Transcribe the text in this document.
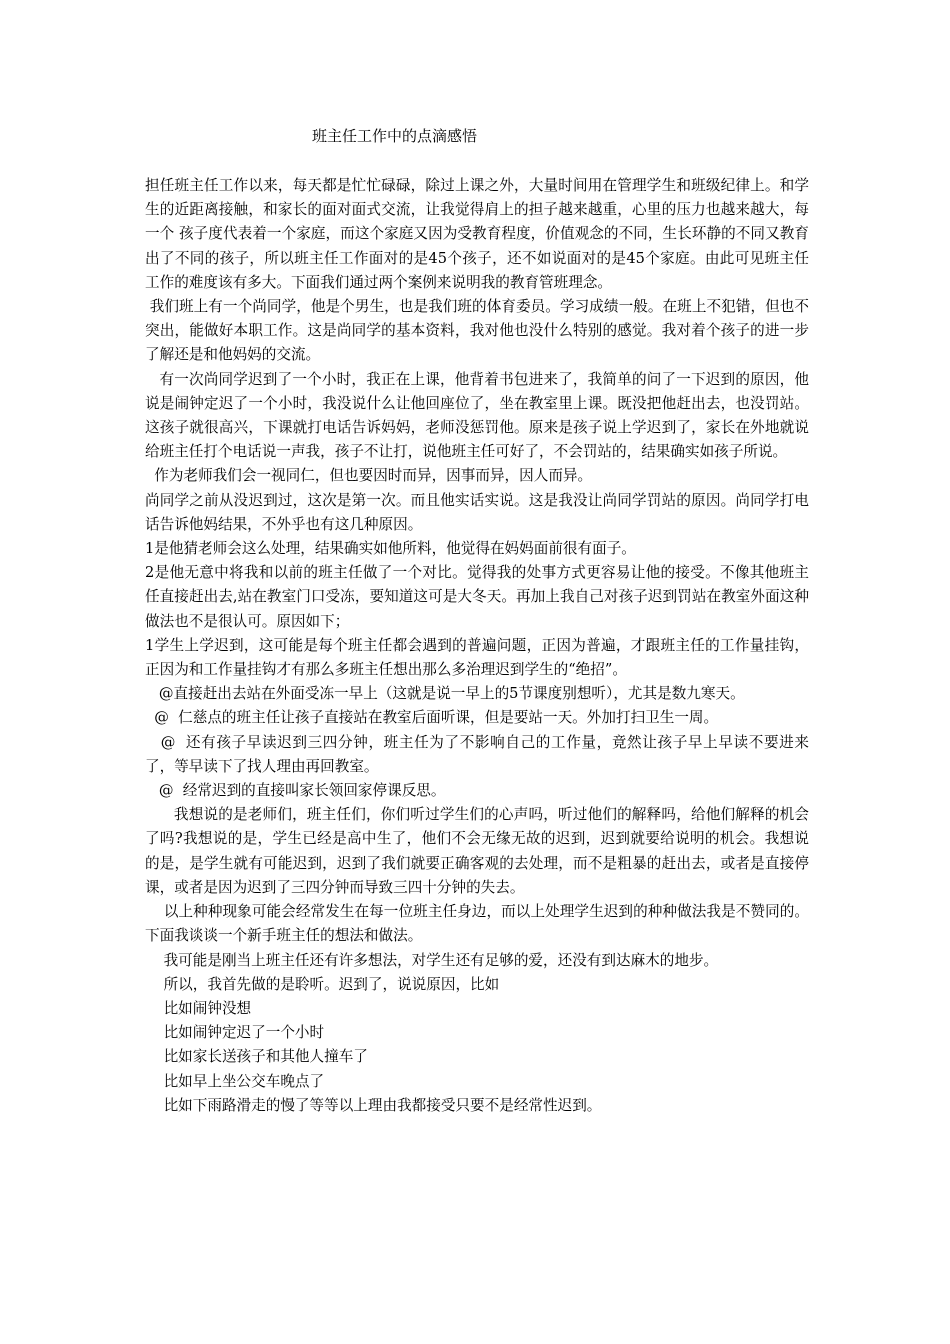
班主任工作中的点滴感悟

担任班主任工作以来，每天都是忙忙碌碌，除过上课之外，大量时间用在管理学生和班级纪律上。和学生的近距离接触，和家长的面对面式交流，让我觉得肩上的担子越来越重，心里的压力也越来越大，每一个 孩子度代表着一个家庭，而这个家庭又因为受教育程度，价值观念的不同，生长环静的不同又教育出了不同的孩子，所以班主任工作面对的是45个孩子，还不如说面对的是45个家庭。由此可见班主任工作的难度该有多大。下面我们通过两个案例来说明我的教育管班理念。

我们班上有一个尚同学，他是个男生，也是我们班的体育委员。学习成绩一般。在班上不犯错，但也不突出，能做好本职工作。这是尚同学的基本资料，我对他也没什么特别的感觉。我对着个孩子的进一步了解还是和他妈妈的交流。

有一次尚同学迟到了一个小时，我正在上课，他背着书包进来了，我简单的问了一下迟到的原因，他说是闹钟定迟了一个小时，我没说什么让他回座位了，坐在教室里上课。既没把他赶出去，也没罚站。这孩子就很高兴，下课就打电话告诉妈妈，老师没惩罚他。原来是孩子说上学迟到了，家长在外地就说给班主任打个电话说一声我，孩子不让打，说他班主任可好了，不会罚站的，结果确实如孩子所说。

作为老师我们会一视同仁，但也要因时而异，因事而异，因人而异。

尚同学之前从没迟到过，这次是第一次。而且他实话实说。这是我没让尚同学罚站的原因。尚同学打电话告诉他妈结果，不外乎也有这几种原因。

1是他猜老师会这么处理，结果确实如他所料，他觉得在妈妈面前很有面子。

2是他无意中将我和以前的班主任做了一个对比。觉得我的处事方式更容易让他的接受。不像其他班主任直接赶出去,站在教室门口受冻，要知道这可是大冬天。再加上我自己对孩子迟到罚站在教室外面这种做法也不是很认可。原因如下；

1学生上学迟到，这可能是每个班主任都会遇到的普遍问题，正因为普遍，才跟班主任的工作量挂钩，正因为和工作量挂钩才有那么多班主任想出那么多治理迟到学生的“绝招”。

@直接赶出去站在外面受冻一早上（这就是说一早上的5节课度别想听），尤其是数九寒天。

@  仁慈点的班主任让孩子直接站在教室后面听课，但是要站一天。外加打扫卫生一周。

@  还有孩子早读迟到三四分钟，班主任为了不影响自己的工作量，竟然让孩子早上早读不要进来了，等早读下了找人理由再回教室。

@  经常迟到的直接叫家长领回家停课反思。

我想说的是老师们，班主任们，你们听过学生们的心声吗，听过他们的解释吗，给他们解释的机会了吗?我想说的是，学生已经是高中生了，他们不会无缘无故的迟到，迟到就要给说明的机会。我想说的是，是学生就有可能迟到，迟到了我们就要正确客观的去处理，而不是粗暴的赶出去，或者是直接停课，或者是因为迟到了三四分钟而导致三四十分钟的失去。

以上种种现象可能会经常发生在每一位班主任身边，而以上处理学生迟到的种种做法我是不赞同的。下面我谈谈一个新手班主任的想法和做法。

我可能是刚当上班主任还有许多想法，对学生还有足够的爱，还没有到达麻木的地步。

所以，我首先做的是聆听。迟到了，说说原因，比如

比如闹钟没想

比如闹钟定迟了一个小时

比如家长送孩子和其他人撞车了

比如早上坐公交车晚点了

比如下雨路滑走的慢了等等以上理由我都接受只要不是经常性迟到。
